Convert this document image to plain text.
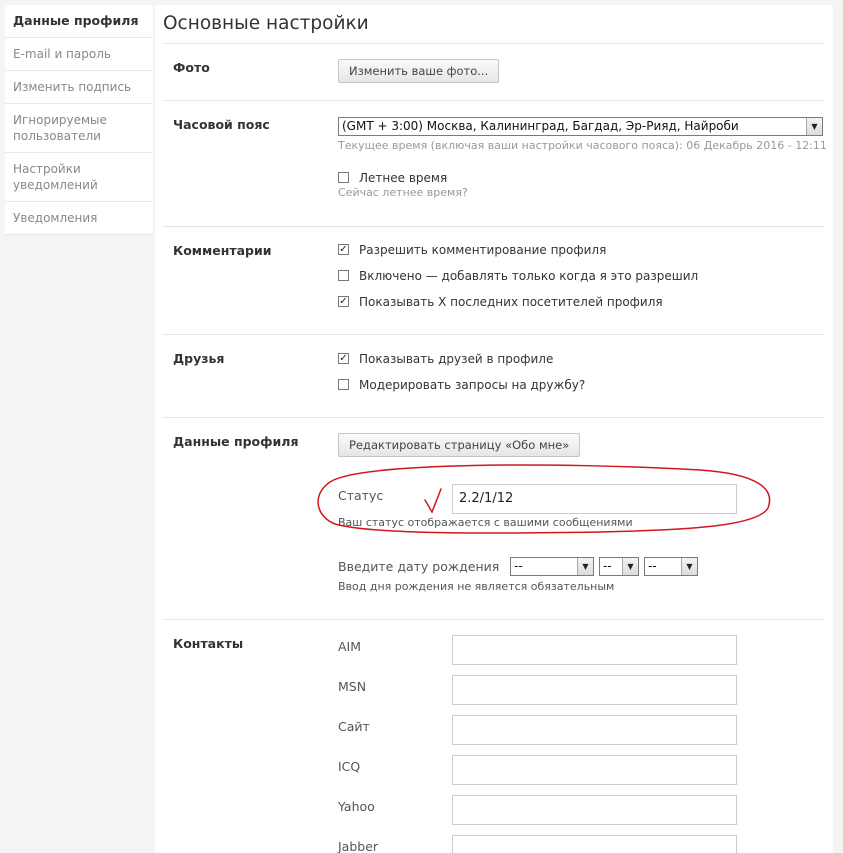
Данные профиля
E-mail и пароль
Изменить подпись
Игнорируемые пользователи
Настройки уведомлений
Уведомления
Основные настройки
Фото	Изменить ваше фото...
Часовой пояс	(GMT + 3:00) Москва, Калининград, Багдад, Эр-Рияд, Найроби	▼
Текущее время (включая ваши настройки часового пояса): 06 Декабрь 2016 - 12:11
Летнее время
Сейчас летнее время?
Комментарии	✓ Разрешить комментирование профиля
Включено — добавлять только когда я это разрешил
✓ Показывать X последних посетителей профиля
Друзья	✓ Показывать друзей в профиле
Модерировать запросы на дружбу?
Данные профиля	Редактировать страницу «Обо мне»
Статус	2.2/1/12
Ваш статус отображается с вашими сообщениями
Введите дату рождения	--	▼	--	▼	--	▼
Ввод дня рождения не является обязательным
Контакты	AIM
MSN
Сайт
ICQ
Yahoo
Jabber
